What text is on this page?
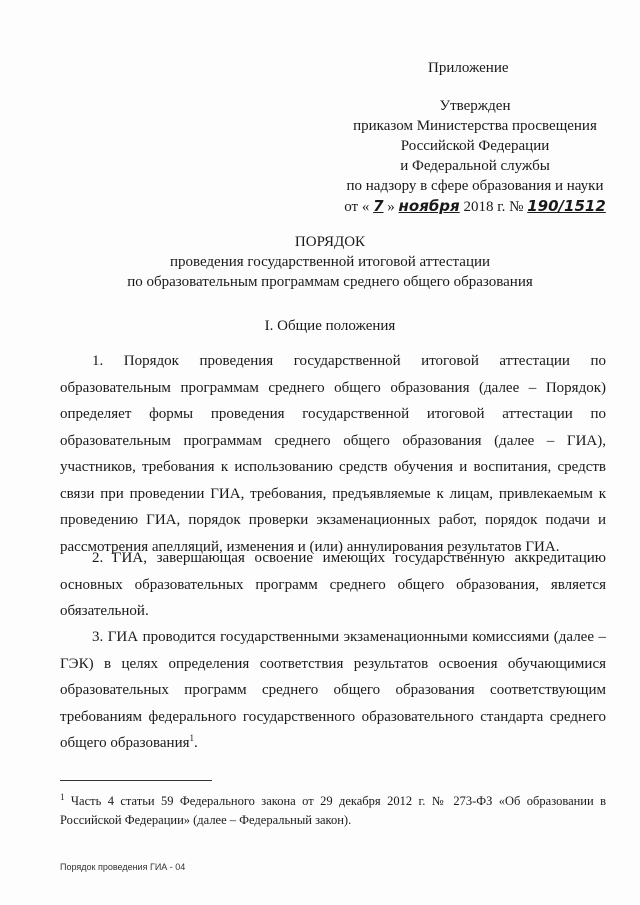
Приложение
Утвержден
приказом Министерства просвещения
Российской Федерации
и Федеральной службы
по надзору в сфере образования и науки
от « 7 » ноября 2018 г. № 190/1512
ПОРЯДОК
проведения государственной итоговой аттестации
по образовательным программам среднего общего образования
I. Общие положения

1. Порядок проведения государственной итоговой аттестации по образовательным программам среднего общего образования (далее – Порядок) определяет формы проведения государственной итоговой аттестации по образовательным программам среднего общего образования (далее – ГИА), участников, требования к использованию средств обучения и воспитания, средств связи при проведении ГИА, требования, предъявляемые к лицам, привлекаемым к проведению ГИА, порядок проверки экзаменационных работ, порядок подачи и рассмотрения апелляций, изменения и (или) аннулирования результатов ГИА.

2. ГИА, завершающая освоение имеющих государственную аккредитацию основных образовательных программ среднего общего образования, является обязательной.

3. ГИА проводится государственными экзаменационными комиссиями (далее – ГЭК) в целях определения соответствия результатов освоения обучающимися образовательных программ среднего общего образования соответствующим требованиям федерального государственного образовательного стандарта среднего общего образования$^1$.

$^1$ Часть 4 статьи 59 Федерального закона от 29 декабря 2012 г. № 273-ФЗ «Об образовании в Российской Федерации» (далее – Федеральный закон).
Порядок проведения ГИА - 04
